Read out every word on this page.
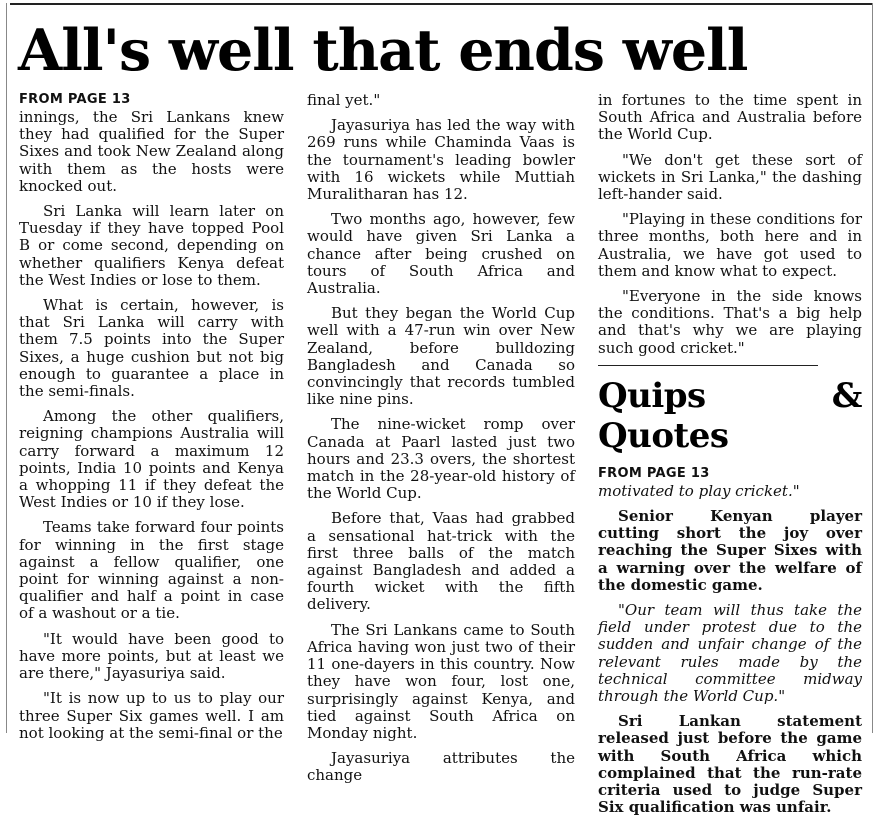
All's well that ends well
FROM PAGE 13

innings, the Sri Lankans knew they had qualified for the Super Sixes and took New Zealand along with them as the hosts were knocked out.

Sri Lanka will learn later on Tuesday if they have topped Pool B or come second, depending on whether qualifiers Kenya defeat the West Indies or lose to them.

What is certain, however, is that Sri Lanka will carry with them 7.5 points into the Super Sixes, a huge cushion but not big enough to guarantee a place in the semi-finals.

Among the other qualifiers, reigning champions Australia will carry forward a maximum 12 points, India 10 points and Kenya a whopping 11 if they defeat the West Indies or 10 if they lose.

Teams take forward four points for winning in the first stage against a fellow qualifier, one point for winning against a non-qualifier and half a point in case of a washout or a tie.

"It would have been good to have more points, but at least we are there," Jayasuriya said.

"It is now up to us to play our three Super Six games well. I am not looking at the semi-final or the

final yet."

Jayasuriya has led the way with 269 runs while Chaminda Vaas is the tournament's leading bowler with 16 wickets while Muttiah Muralitharan has 12.

Two months ago, however, few would have given Sri Lanka a chance after being crushed on tours of South Africa and Australia.

But they began the World Cup well with a 47-run win over New Zealand, before bulldozing Bangladesh and Canada so convincingly that records tumbled like nine pins.

The nine-wicket romp over Canada at Paarl lasted just two hours and 23.3 overs, the shortest match in the 28-year-old history of the World Cup.

Before that, Vaas had grabbed a sensational hat-trick with the first three balls of the match against Bangladesh and added a fourth wicket with the fifth delivery.

The Sri Lankans came to South Africa having won just two of their 11 one-dayers in this country. Now they have won four, lost one, surprisingly against Kenya, and tied against South Africa on Monday night.

Jayasuriya attributes the change

in fortunes to the time spent in South Africa and Australia before the World Cup.

"We don't get these sort of wickets in Sri Lanka," the dashing left-hander said.

"Playing in these conditions for three months, both here and in Australia, we have got used to them and know what to expect.

"Everyone in the side knows the conditions. That's a big help and that's why we are playing such good cricket."

Quips & Quotes
FROM PAGE 13

motivated to play cricket."

Senior Kenyan player cutting short the joy over reaching the Super Sixes with a warning over the welfare of the domestic game.

"Our team will thus take the field under protest due to the sudden and unfair change of the relevant rules made by the technical committee midway through the World Cup."

Sri Lankan statement released just before the game with South Africa which complained that the run-rate criteria used to judge Super Six qualification was unfair.
